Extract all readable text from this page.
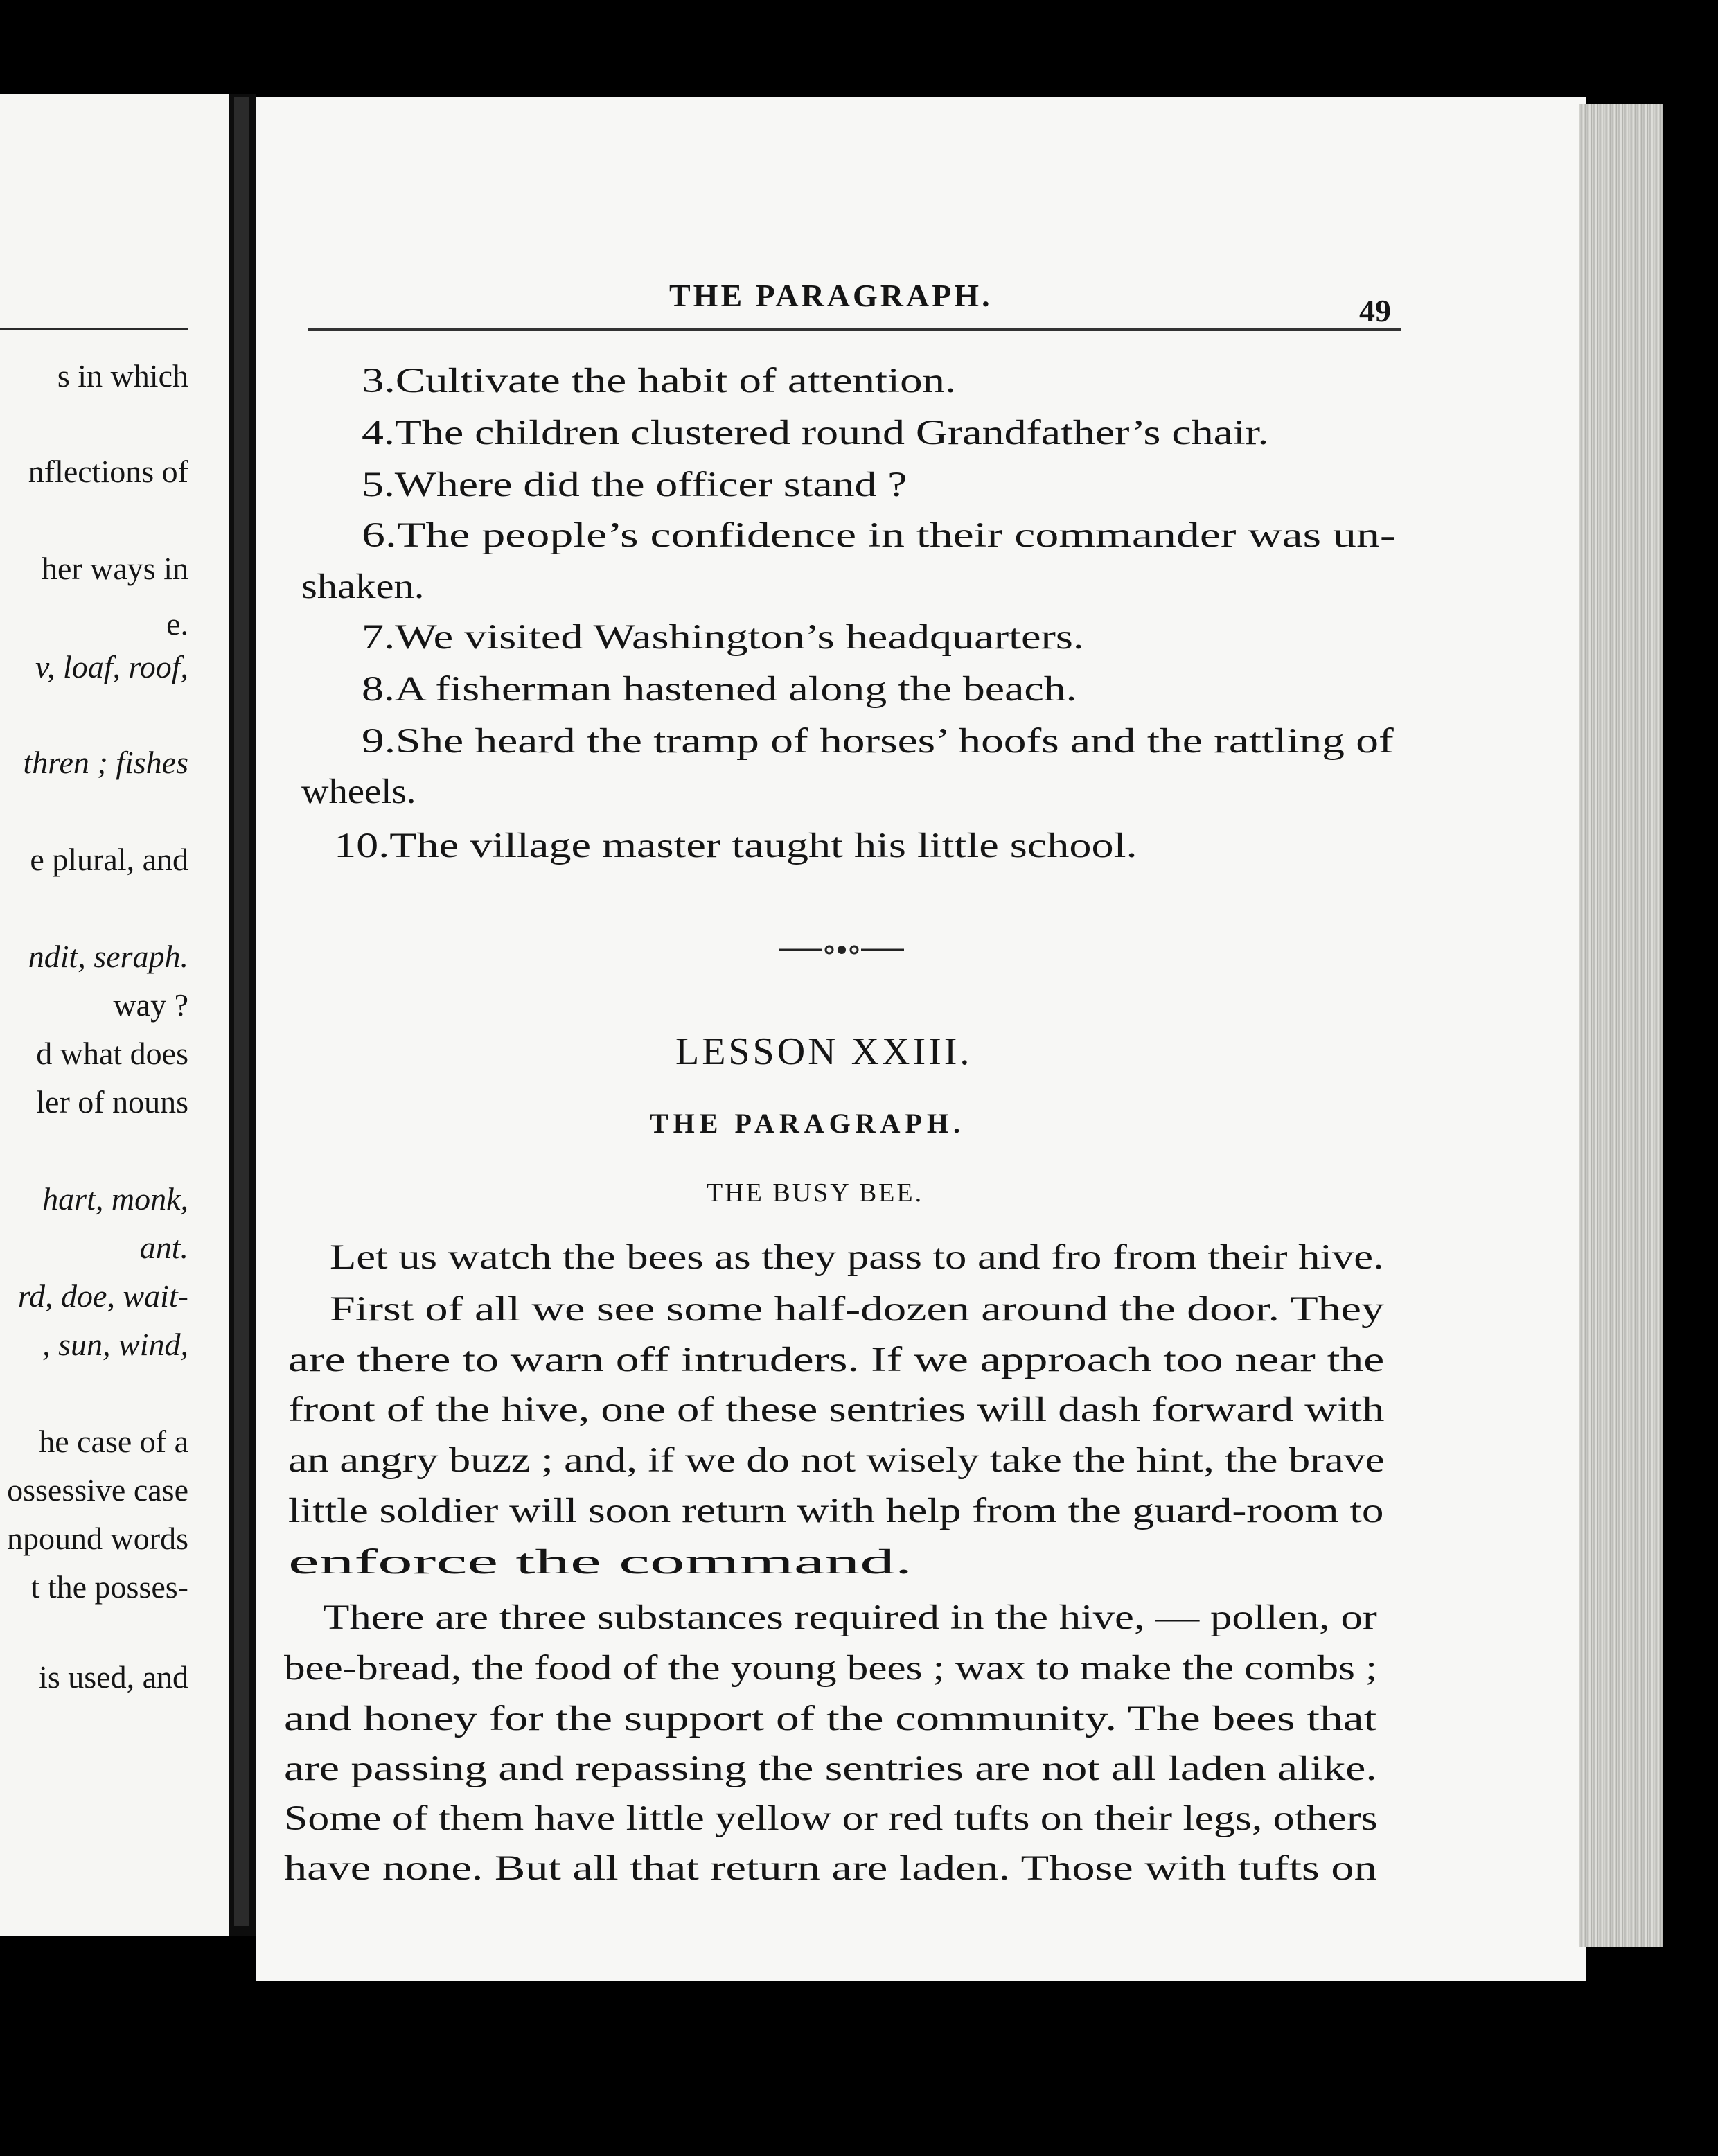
s in which
nflections of
her ways in
e.
v, loaf, roof,
thren ; fishes
e plural, and
ndit, seraph.
way ?
d what does
ler of nouns
hart, monk,
ant.
rd, doe, wait-
, sun, wind,
he case of a
ossessive case
npound words
t the posses-
is used, and
THE PARAGRAPH.	49
3.Cultivate the habit of attention.
4.The children clustered round Grandfather’s chair.
5.Where did the officer stand ?
6.The people’s confidence in their commander was un-
shaken.
7.We visited Washington’s headquarters.
8.A fisherman hastened along the beach.
9.She heard the tramp of horses’ hoofs and the rattling of
wheels.
10.The village master taught his little school.
LESSON XXIII.
THE PARAGRAPH.
THE BUSY BEE.
Let us watch the bees as they pass to and fro from their hive.
First of all we see some half-dozen around the door. They
are there to warn off intruders. If we approach too near the
front of the hive, one of these sentries will dash forward with
an angry buzz ; and, if we do not wisely take the hint, the brave
little soldier will soon return with help from the guard-room to
enforce the command.
There are three substances required in the hive, — pollen, or
bee-bread, the food of the young bees ; wax to make the combs ;
and honey for the support of the community. The bees that
are passing and repassing the sentries are not all laden alike.
Some of them have little yellow or red tufts on their legs, others
have none. But all that return are laden. Those with tufts on
